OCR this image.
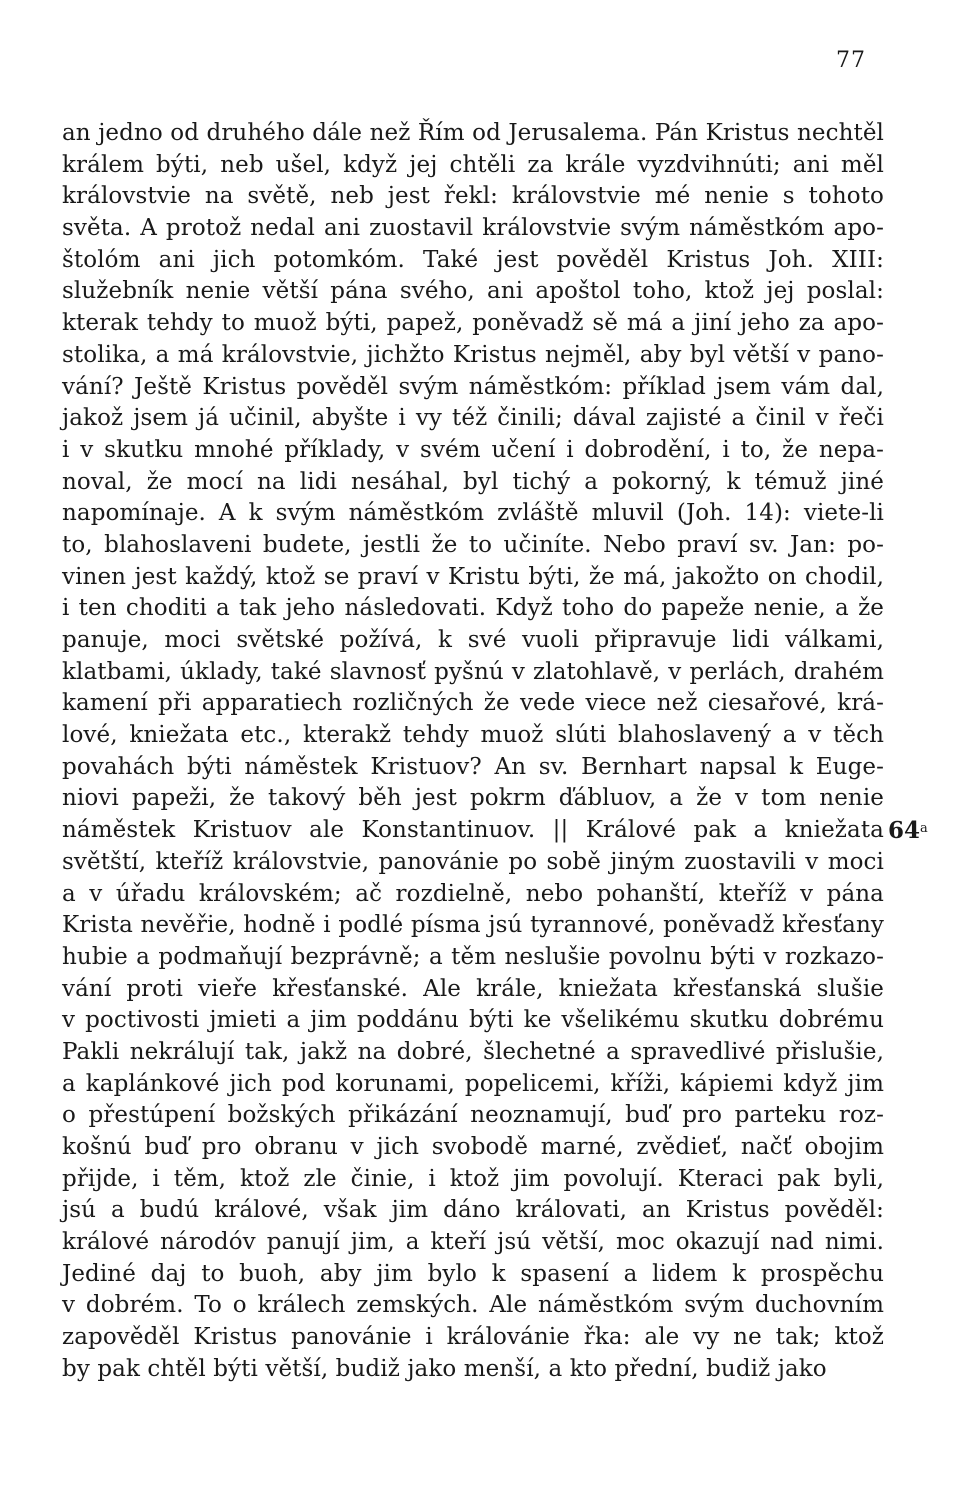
77
an jedno od druhého dále než Řím od Jerusalema. Pán Kristus nechtěl
králem býti, neb ušel, když jej chtěli za krále vyzdvihnúti; ani měl
královstvie na světě, neb jest řekl: královstvie mé nenie s tohoto
světa. A protož nedal ani zuostavil královstvie svým náměstkóm apo-
štolóm ani jich potomkóm. Také jest pověděl Kristus Joh. XIII:
služebník nenie větší pána svého, ani apoštol toho, ktož jej poslal:
kterak tehdy to muož býti, papež, poněvadž sě má a jiní jeho za apo-
stolika, a má královstvie, jichžto Kristus nejměl, aby byl větší v pano-
vání? Ještě Kristus pověděl svým náměstkóm: příklad jsem vám dal,
jakož jsem já učinil, abyšte i vy též činili; dával zajisté a činil v řeči
i v skutku mnohé příklady, v svém učení i dobrodění, i to, že nepa-
noval, že mocí na lidi nesáhal, byl tichý a pokorný, k témuž jiné
napomínaje. A k svým náměstkóm zvláště mluvil (Joh. 14): viete-li
to, blahoslaveni budete, jestli že to učiníte. Nebo praví sv. Jan: po-
vinen jest každý, ktož se praví v Kristu býti, že má, jakožto on chodil,
i ten choditi a tak jeho následovati. Když toho do papeže nenie, a že
panuje, moci světské požívá, k své vuoli připravuje lidi válkami,
klatbami, úklady, také slavnosť pyšnú v zlatohlavě, v perlách, drahém
kamení při apparatiech rozličných že vede viece než ciesařové, krá-
lové, kniežata etc., kterakž tehdy muož slúti blahoslavený a v těch
povahách býti náměstek Kristuov? An sv. Bernhart napsal k Euge-
niovi papeži, že takový běh jest pokrm ďábluov, a že v tom nenie
náměstek Kristuov ale Konstantinuov. || Králové pak a kniežata
světští, kteříž královstvie, panovánie po sobě jiným zuostavili v moci
a v úřadu královském; ač rozdielně, nebo pohanští, kteříž v pána
Krista nevěřie, hodně i podlé písma jsú tyrannové, poněvadž křesťany
hubie a podmaňují bezprávně; a těm neslušie povolnu býti v rozkazo-
vání proti vieře křesťanské. Ale krále, kniežata křesťanská slušie
v poctivosti jmieti a jim poddánu býti ke všelikému skutku dobrému
Pakli nekrálují tak, jakž na dobré, šlechetné a spravedlivé přislušie,
a kaplánkové jich pod korunami, popelicemi, kříži, kápiemi když jim
o přestúpení božských přikázání neoznamují, buď pro parteku roz-
košnú buď pro obranu v jich svobodě marné, zvědieť, načť obojim
přijde, i těm, ktož zle činie, i ktož jim povolují. Kteraci pak byli,
jsú a budú králové, však jim dáno královati, an Kristus pověděl:
králové národóv panují jim, a kteří jsú větší, moc okazují nad nimi.
Jediné daj to buoh, aby jim bylo k spasení a lidem k prospěchu
v dobrém. To o králech zemských. Ale náměstkóm svým duchovním
zapověděl Kristus panovánie i královánie řka: ale vy ne tak; ktož
by pak chtěl býti větší, budiž jako menší, a kto přední, budiž jako
64$^a$
